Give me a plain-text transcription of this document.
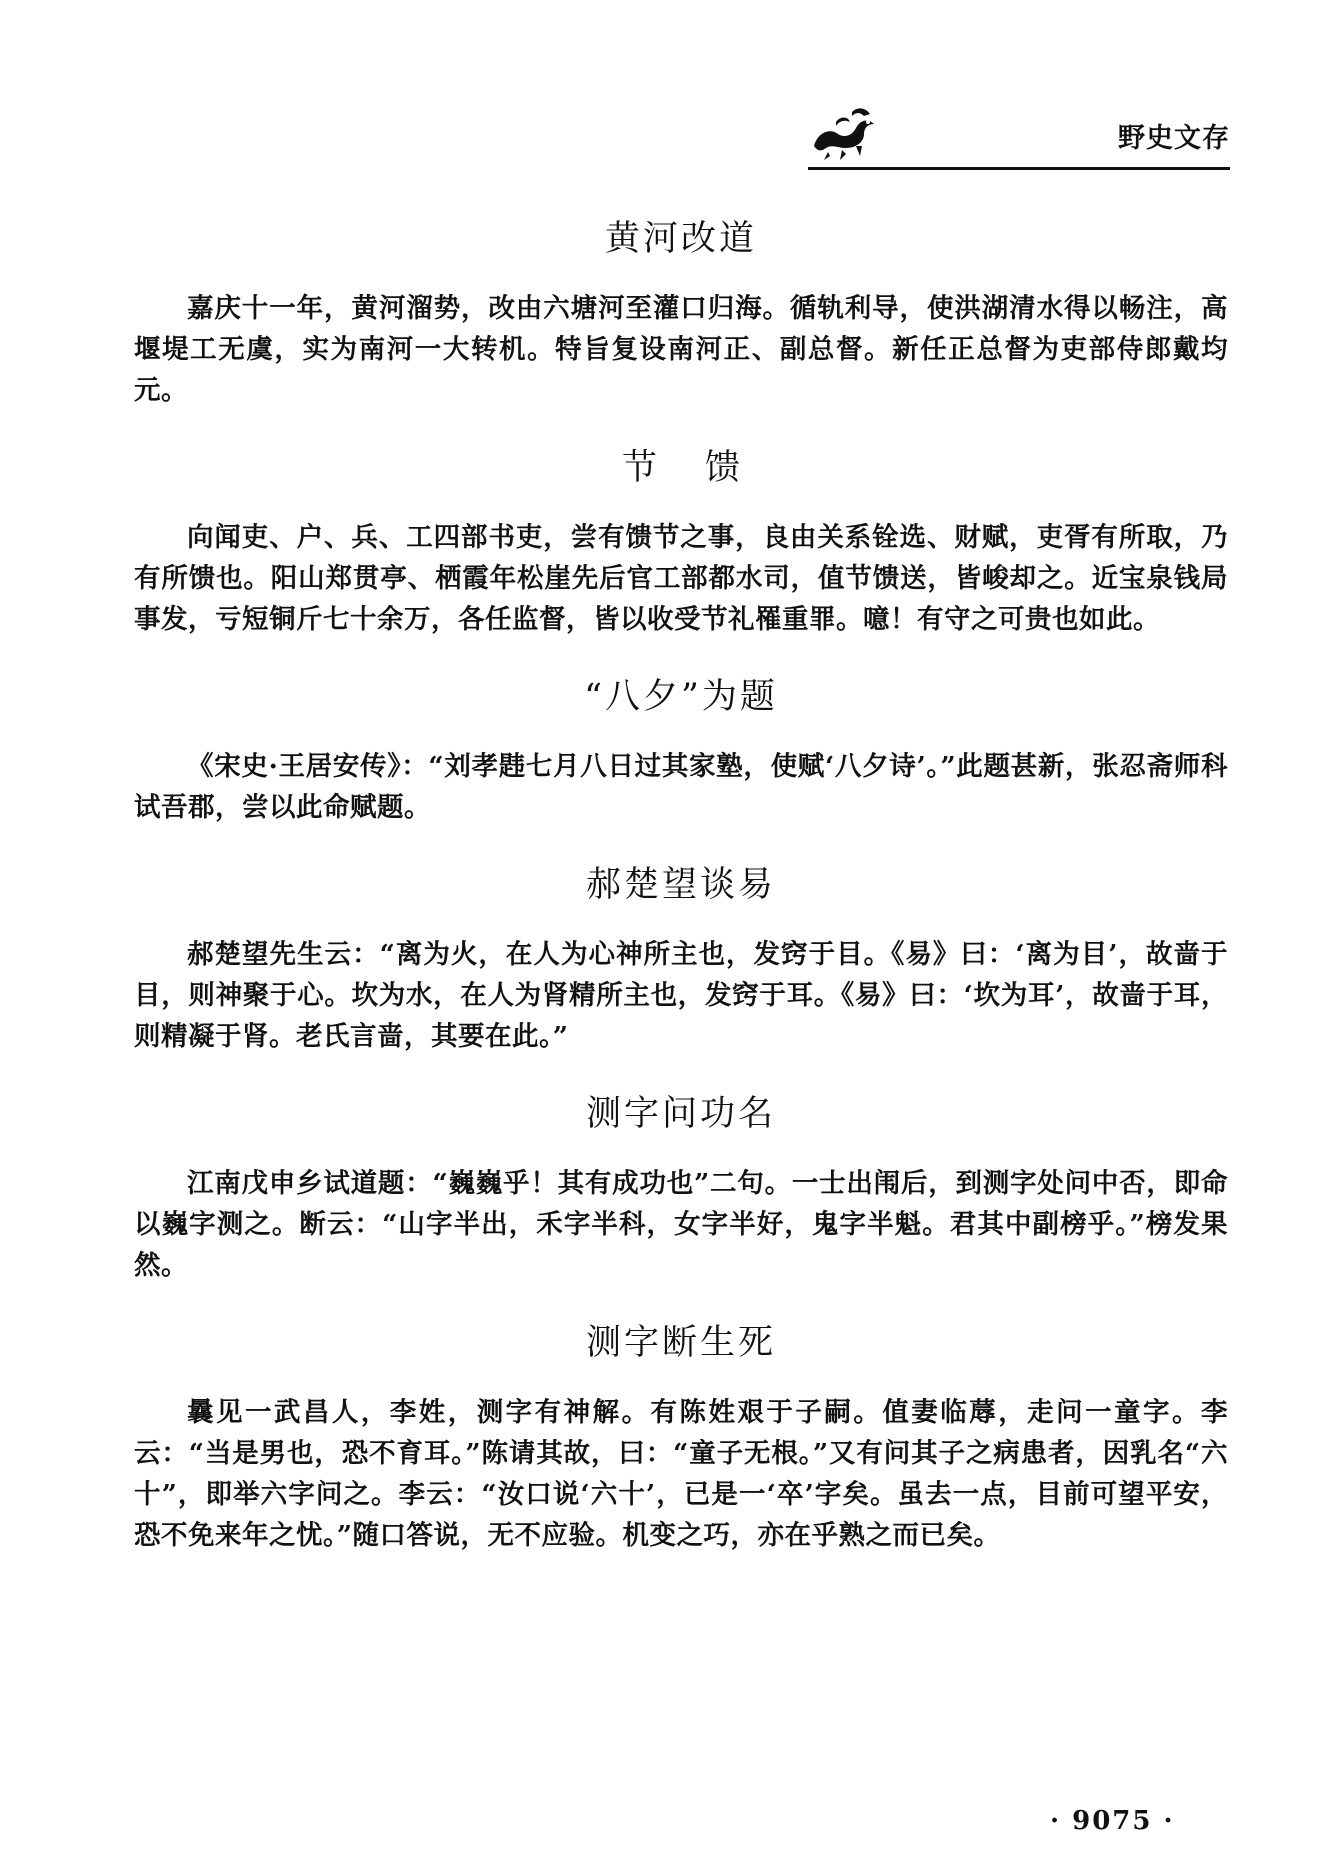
野史文存
黄河改道

嘉庆十一年，黄河溜势，改由六塘河至灌口归海。循轨利导，使洪湖清水得以畅注，高堰堤工无虞，实为南河一大转机。特旨复设南河正、副总督。新任正总督为吏部侍郎戴均元。

节馈

向闻吏、户、兵、工四部书吏，尝有馈节之事，良由关系铨选、财赋，吏胥有所取，乃有所馈也。阳山郑贯亭、栖霞年松崖先后官工部都水司，值节馈送，皆峻却之。近宝泉钱局事发，亏短铜斤七十余万，各任监督，皆以收受节礼罹重罪。噫！有守之可贵也如此。

“八夕”为题

《宋史·王居安传》：“刘孝韪七月八日过其家塾，使赋‘八夕诗’。”此题甚新，张忍斋师科试吾郡，尝以此命赋题。

郝楚望谈易

郝楚望先生云：“离为火，在人为心神所主也，发窍于目。《易》曰：‘离为目’，故啬于目，则神聚于心。坎为水，在人为肾精所主也，发窍于耳。《易》曰：‘坎为耳’，故啬于耳，则精凝于肾。老氏言啬，其要在此。”

测字问功名

江南戊申乡试道题：“巍巍乎！其有成功也”二句。一士出闱后，到测字处问中否，即命以巍字测之。断云：“山字半出，禾字半科，女字半好，鬼字半魁。君其中副榜乎。”榜发果然。

测字断生死

曩见一武昌人，李姓，测字有神解。有陈姓艰于子嗣。值妻临蓐，走问一童字。李云：“当是男也，恐不育耳。”陈请其故，曰：“童子无根。”又有问其子之病患者，因乳名“六十”，即举六字问之。李云：“汝口说‘六十’，已是一‘卒’字矣。虽去一点，目前可望平安，恐不免来年之忧。”随口答说，无不应验。机变之巧，亦在乎熟之而已矣。

· 9075 ·
